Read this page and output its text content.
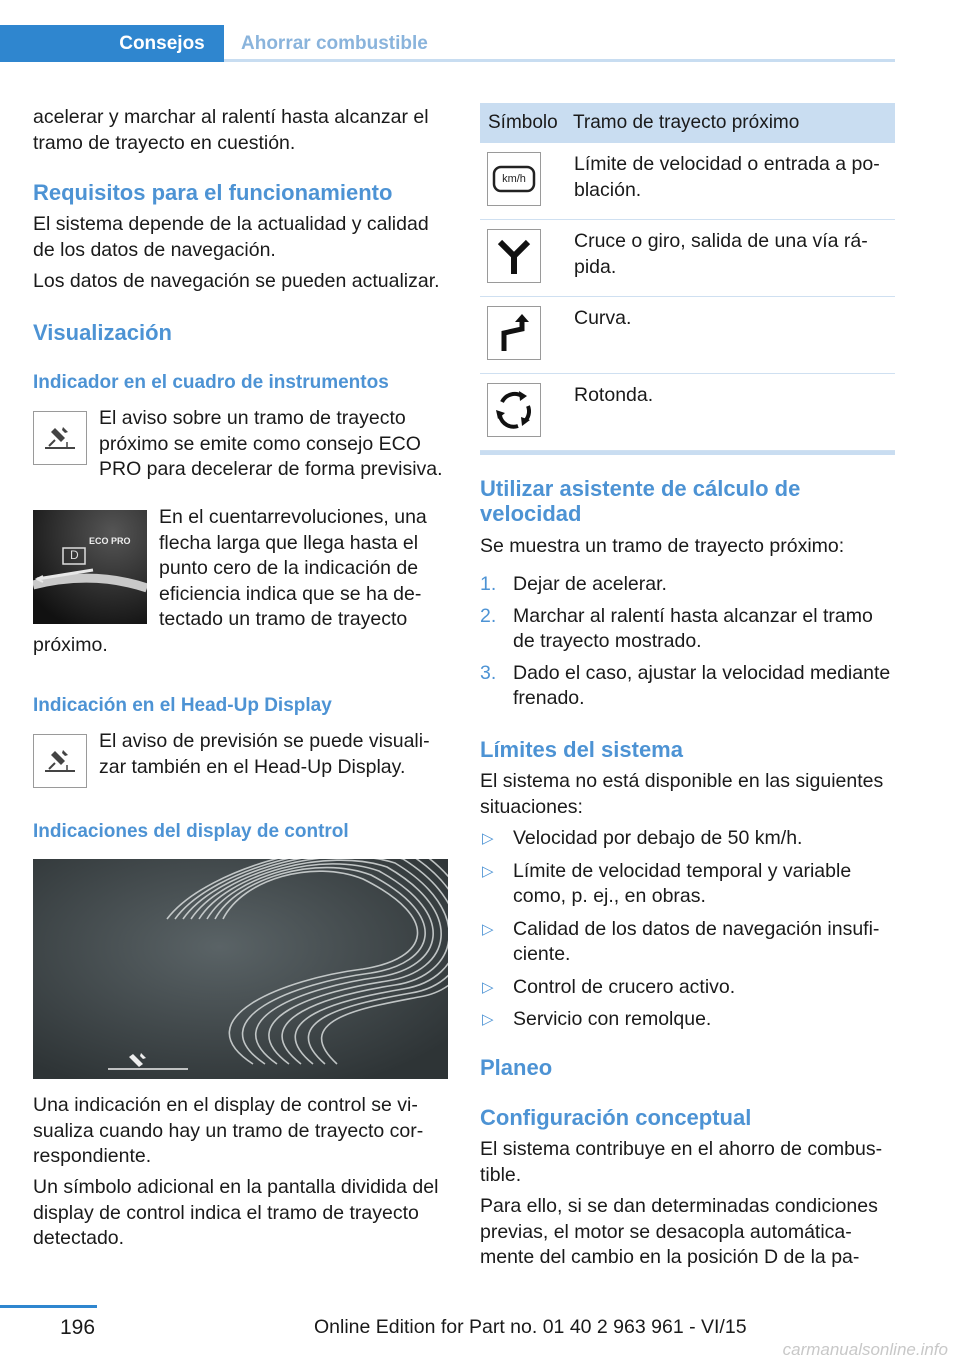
Consejos Ahorrar combustible

acelerar y marchar al ralentí hasta alcanzar el tramo de trayecto en cuestión.

Requisitos para el funcionamiento

El sistema depende de la actualidad y calidad de los datos de navegación.

Los datos de navegación se pueden actualizar.

Visualización
Indicador en el cuadro de instrumentos

El aviso sobre un tramo de trayecto próximo se emite como consejo ECO PRO para decelerar de forma previsiva.

D
ECO PRO

En el cuentarrevoluciones, una flecha larga que llega hasta el punto cero de la indicación de eficiencia indica que se ha detectado un tramo de trayecto próximo.
Indicación en el Head-Up Display

El aviso de previsión se puede visualizar también en el Head-Up Display.

Indicaciones del display de control

Una indicación en el display de control se visualiza cuando hay un tramo de trayecto correspondiente.

Un símbolo adicional en la pantalla dividida del display de control indica el tramo de trayecto detectado.

Símbolo Tramo de trayecto próximo
km/h
Límite de velocidad o entrada a población.
Cruce o giro, salida de una vía rápida.
Curva.
Rotonda.
Utilizar asistente de cálculo de velocidad

Se muestra un tramo de trayecto próximo:

1. Dejar de acelerar.
2. Marchar al ralentí hasta alcanzar el tramo de trayecto mostrado.
3. Dado el caso, ajustar la velocidad mediante frenado.
Límites del sistema

El sistema no está disponible en las siguientes situaciones:

▷ Velocidad por debajo de 50 km/h.
▷ Límite de velocidad temporal y variable como, p. ej., en obras.
▷ Calidad de los datos de navegación insuficiente.
▷ Control de crucero activo.
▷ Servicio con remolque.
Planeo
Configuración conceptual

El sistema contribuye en el ahorro de combustible.

Para ello, si se dan determinadas condiciones previas, el motor se desacopla automáticamente del cambio en la posición D de la pa-

196	Online Edition for Part no. 01 40 2 963 961 - VI/15
carmanualsonline.info
